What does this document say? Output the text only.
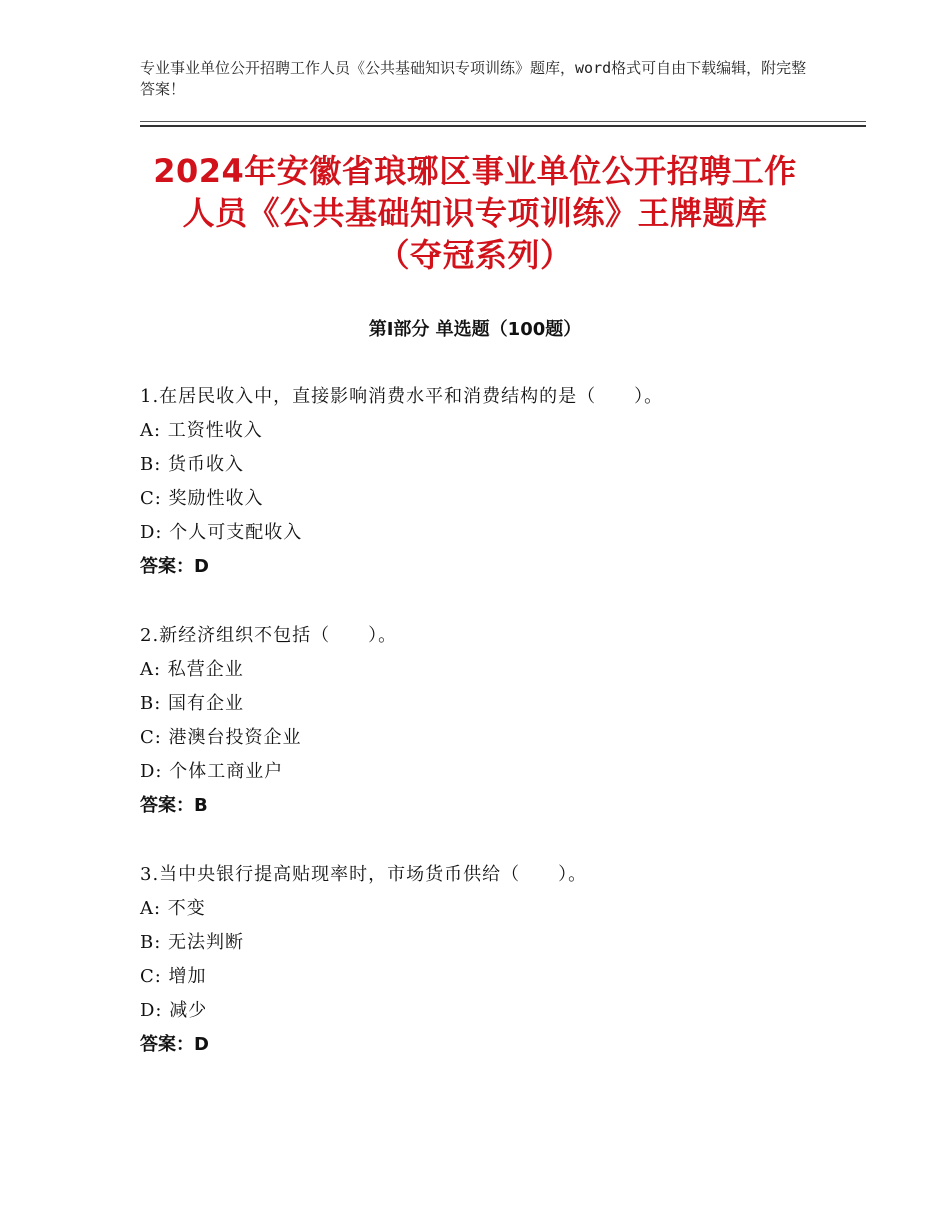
专业事业单位公开招聘工作人员《公共基础知识专项训练》题库，word格式可自由下载编辑，附完整答案！
2024年安徽省琅琊区事业单位公开招聘工作
人员《公共基础知识专项训练》王牌题库
（夺冠系列）
第I部分 单选题（100题）
1.在居民收入中，直接影响消费水平和消费结构的是（　　）。
A: 工资性收入
B: 货币收入
C: 奖励性收入
D: 个人可支配收入
答案：D
2.新经济组织不包括（　　）。
A: 私营企业
B: 国有企业
C: 港澳台投资企业
D: 个体工商业户
答案：B
3.当中央银行提高贴现率时，市场货币供给（　　）。
A: 不变
B: 无法判断
C: 增加
D: 减少
答案：D
